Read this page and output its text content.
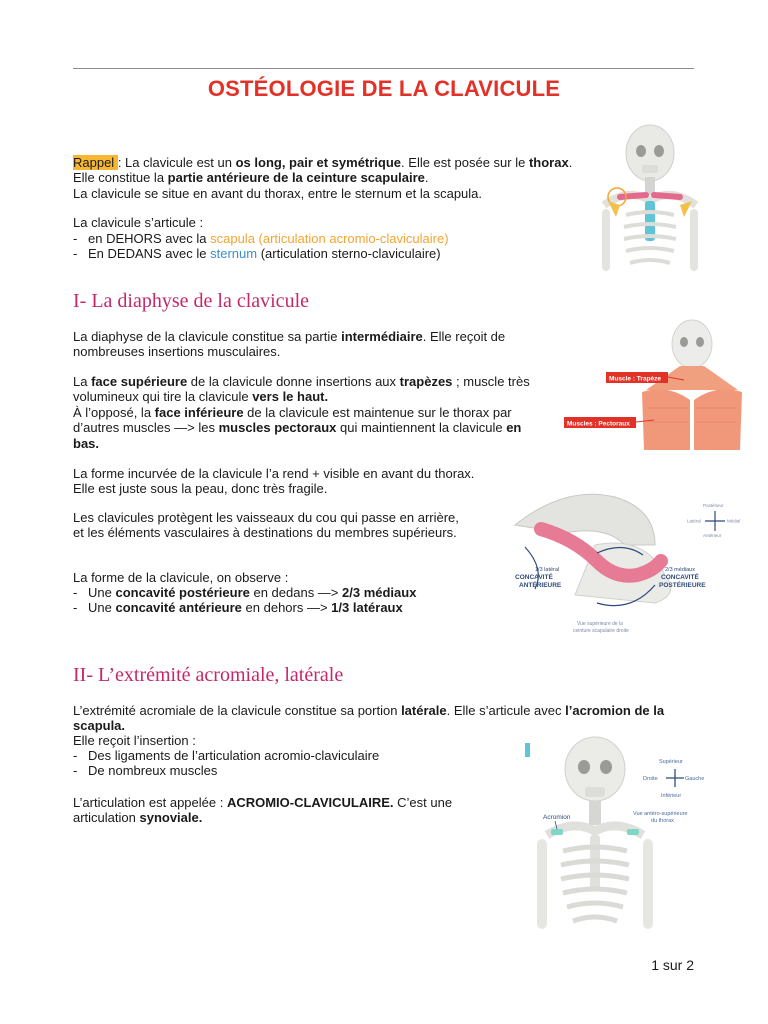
OSTÉOLOGIE DE LA CLAVICULE
Rappel : La clavicule est un os long, pair et symétrique. Elle est posée sur le thorax. Elle constitue la partie antérieure de la ceinture scapulaire.
La clavicule se situe en avant du thorax, entre le sternum et la scapula.
La clavicule s’articule :
- en DEHORS avec la scapula (articulation acromio-claviculaire)
- En DEDANS avec le sternum (articulation sterno-claviculaire)
I- La diaphyse de la clavicule
La diaphyse de la clavicule constitue sa partie intermédiaire. Elle reçoit de nombreuses insertions musculaires.
La face supérieure de la clavicule donne insertions aux trapèzes ; muscle très volumineux qui tire la clavicule vers le haut.
À l’opposé, la face inférieure de la clavicule est maintenue sur le thorax par d’autres muscles —> les muscles pectoraux qui maintiennent la clavicule en bas.
La forme incurvée de la clavicule l’a rend + visible en avant du thorax. Elle est juste sous la peau, donc très fragile.
Les clavicules protègent les vaisseaux du cou qui passe en arrière, et les éléments vasculaires à destinations du membres supérieurs.
La forme de la clavicule, on observe :
- Une concavité postérieure en dedans —> 2/3 médiaux
- Une concavité antérieure en dehors —> 1/3 latéraux
Muscle : Trapèze
Muscles : Pectoraux
1/3 latéral
CONCAVITÉ
ANTÉRIEURE
2/3 médiaux
CONCAVITÉ
POSTÉRIEURE
Vue supérieure de la
ceinture scapulaire droite
Postérieur
Latéral	Médial
Antérieur
II- L’extrémité acromiale, latérale
L’extrémité acromiale de la clavicule constitue sa portion latérale. Elle s’articule avec l’acromion de la scapula.
Elle reçoit l’insertion :
- Des ligaments de l’articulation acromio-claviculaire
- De nombreux muscles
L’articulation est appelée : ACROMIO-CLAVICULAIRE. C’est une articulation synoviale.	Acromion
Supérieur
Droite	Gauche
Inférieur
Vue antéro-supérieure
du thorax
1 sur 2
